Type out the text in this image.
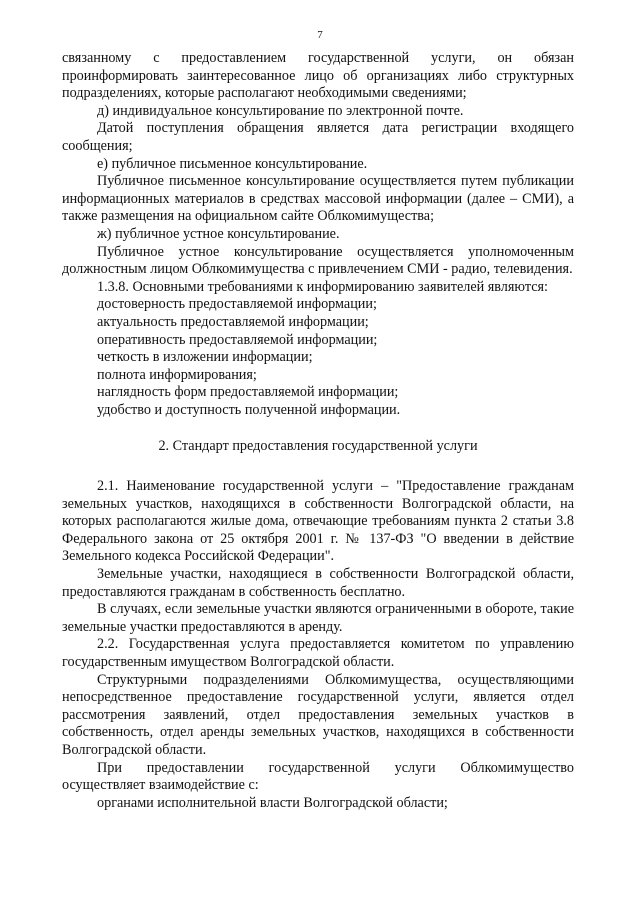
7

связанному с предоставлением государственной услуги, он обязан проинформировать заинтересованное лицо об организациях либо структурных подразделениях, которые располагают необходимыми сведениями;

д) индивидуальное консультирование по электронной почте.

Датой поступления обращения является дата регистрации входящего сообщения;

е) публичное письменное консультирование.

Публичное письменное консультирование осуществляется путем публикации информационных материалов в средствах массовой информации (далее – СМИ), а также размещения на официальном сайте Облкомимущества;

ж) публичное устное консультирование.

Публичное устное консультирование осуществляется уполномоченным должностным лицом Облкомимущества с привлечением СМИ - радио, телевидения.

1.3.8. Основными требованиями к информированию заявителей являются:

достоверность предоставляемой информации;

актуальность предоставляемой информации;

оперативность предоставляемой информации;

четкость в изложении информации;

полнота информирования;

наглядность форм предоставляемой информации;

удобство и доступность полученной информации.

2. Стандарт предоставления государственной услуги

2.1. Наименование государственной услуги – "Предоставление гражданам земельных участков, находящихся в собственности Волгоградской области, на которых располагаются жилые дома, отвечающие требованиям пункта 2 статьи 3.8 Федерального закона от 25 октября 2001 г. № 137-ФЗ "О введении в действие Земельного кодекса Российской Федерации".

Земельные участки, находящиеся в собственности Волгоградской области, предоставляются гражданам в собственность бесплатно.

В случаях, если земельные участки являются ограниченными в обороте, такие земельные участки предоставляются в аренду.

2.2. Государственная услуга предоставляется комитетом по управлению государственным имуществом Волгоградской области.

Структурными подразделениями Облкомимущества, осуществляющими непосредственное предоставление государственной услуги, является отдел рассмотрения заявлений, отдел предоставления земельных участков в собственность, отдел аренды земельных участков, находящихся в собственности Волгоградской области.

При предоставлении государственной услуги Облкомимущество осуществляет взаимодействие с:

органами исполнительной власти Волгоградской области;
